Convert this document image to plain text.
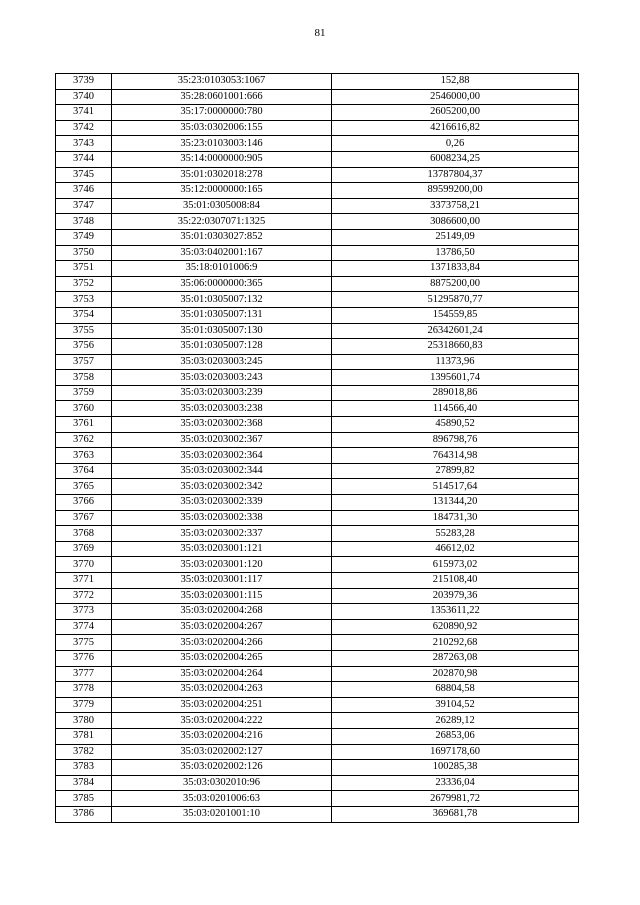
81
3739	35:23:0103053:1067	152,88
3740	35:28:0601001:666	2546000,00
3741	35:17:0000000:780	2605200,00
3742	35:03:0302006:155	4216616,82
3743	35:23:0103003:146	0,26
3744	35:14:0000000:905	6008234,25
3745	35:01:0302018:278	13787804,37
3746	35:12:0000000:165	89599200,00
3747	35:01:0305008:84	3373758,21
3748	35:22:0307071:1325	3086600,00
3749	35:01:0303027:852	25149,09
3750	35:03:0402001:167	13786,50
3751	35:18:0101006:9	1371833,84
3752	35:06:0000000:365	8875200,00
3753	35:01:0305007:132	51295870,77
3754	35:01:0305007:131	154559,85
3755	35:01:0305007:130	26342601,24
3756	35:01:0305007:128	25318660,83
3757	35:03:0203003:245	11373,96
3758	35:03:0203003:243	1395601,74
3759	35:03:0203003:239	289018,86
3760	35:03:0203003:238	114566,40
3761	35:03:0203002:368	45890,52
3762	35:03:0203002:367	896798,76
3763	35:03:0203002:364	764314,98
3764	35:03:0203002:344	27899,82
3765	35:03:0203002:342	514517,64
3766	35:03:0203002:339	131344,20
3767	35:03:0203002:338	184731,30
3768	35:03:0203002:337	55283,28
3769	35:03:0203001:121	46612,02
3770	35:03:0203001:120	615973,02
3771	35:03:0203001:117	215108,40
3772	35:03:0203001:115	203979,36
3773	35:03:0202004:268	1353611,22
3774	35:03:0202004:267	620890,92
3775	35:03:0202004:266	210292,68
3776	35:03:0202004:265	287263,08
3777	35:03:0202004:264	202870,98
3778	35:03:0202004:263	68804,58
3779	35:03:0202004:251	39104,52
3780	35:03:0202004:222	26289,12
3781	35:03:0202004:216	26853,06
3782	35:03:0202002:127	1697178,60
3783	35:03:0202002:126	100285,38
3784	35:03:0302010:96	23336,04
3785	35:03:0201006:63	2679981,72
3786	35:03:0201001:10	369681,78
